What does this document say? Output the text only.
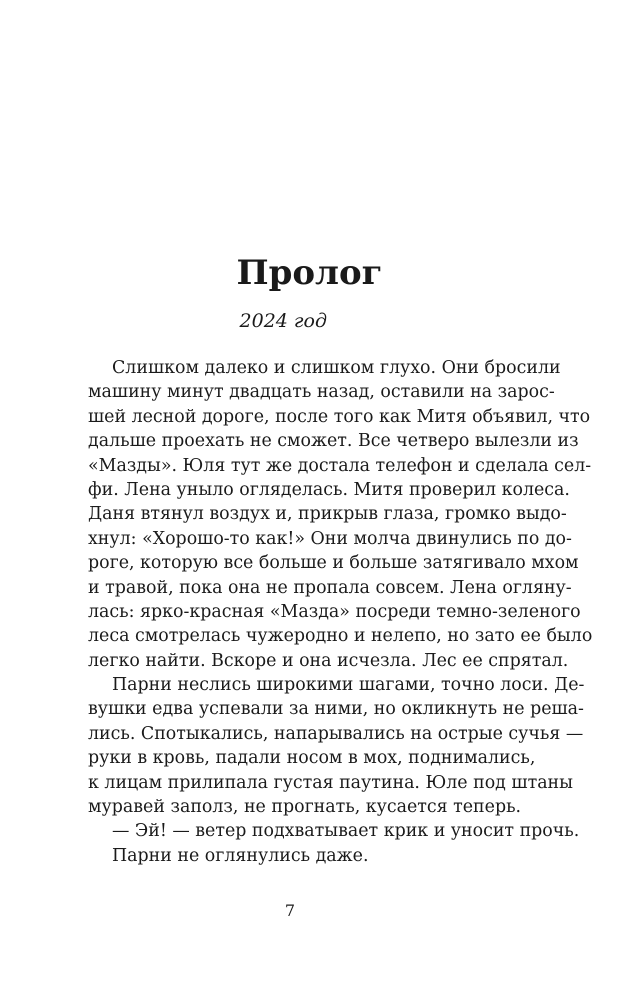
Пролог
2024 год
Слишком далеко и слишком глухо. Они бросили
машину минут двадцать назад, оставили на зарос-
шей лесной дороге, после того как Митя объявил, что
дальше проехать не сможет. Все четверо вылезли из
«Мазды». Юля тут же достала телефон и сделала сел-
фи. Лена уныло огляделась. Митя проверил колеса.
Даня втянул воздух и, прикрыв глаза, громко выдо-
хнул: «Хорошо-то как!» Они молча двинулись по до-
роге, которую все больше и больше затягивало мхом
и травой, пока она не пропала совсем. Лена огляну-
лась: ярко-красная «Мазда» посреди темно-зеленого
леса смотрелась чужеродно и нелепо, но зато ее было
легко найти. Вскоре и она исчезла. Лес ее спрятал.
Парни неслись широкими шагами, точно лоси. Де-
вушки едва успевали за ними, но окликнуть не реша-
лись. Спотыкались, напарывались на острые сучья —
руки в кровь, падали носом в мох, поднимались,
к лицам прилипала густая паутина. Юле под штаны
муравей заполз, не прогнать, кусается теперь.
— Эй! — ветер подхватывает крик и уносит прочь.
Парни не оглянулись даже.
7
